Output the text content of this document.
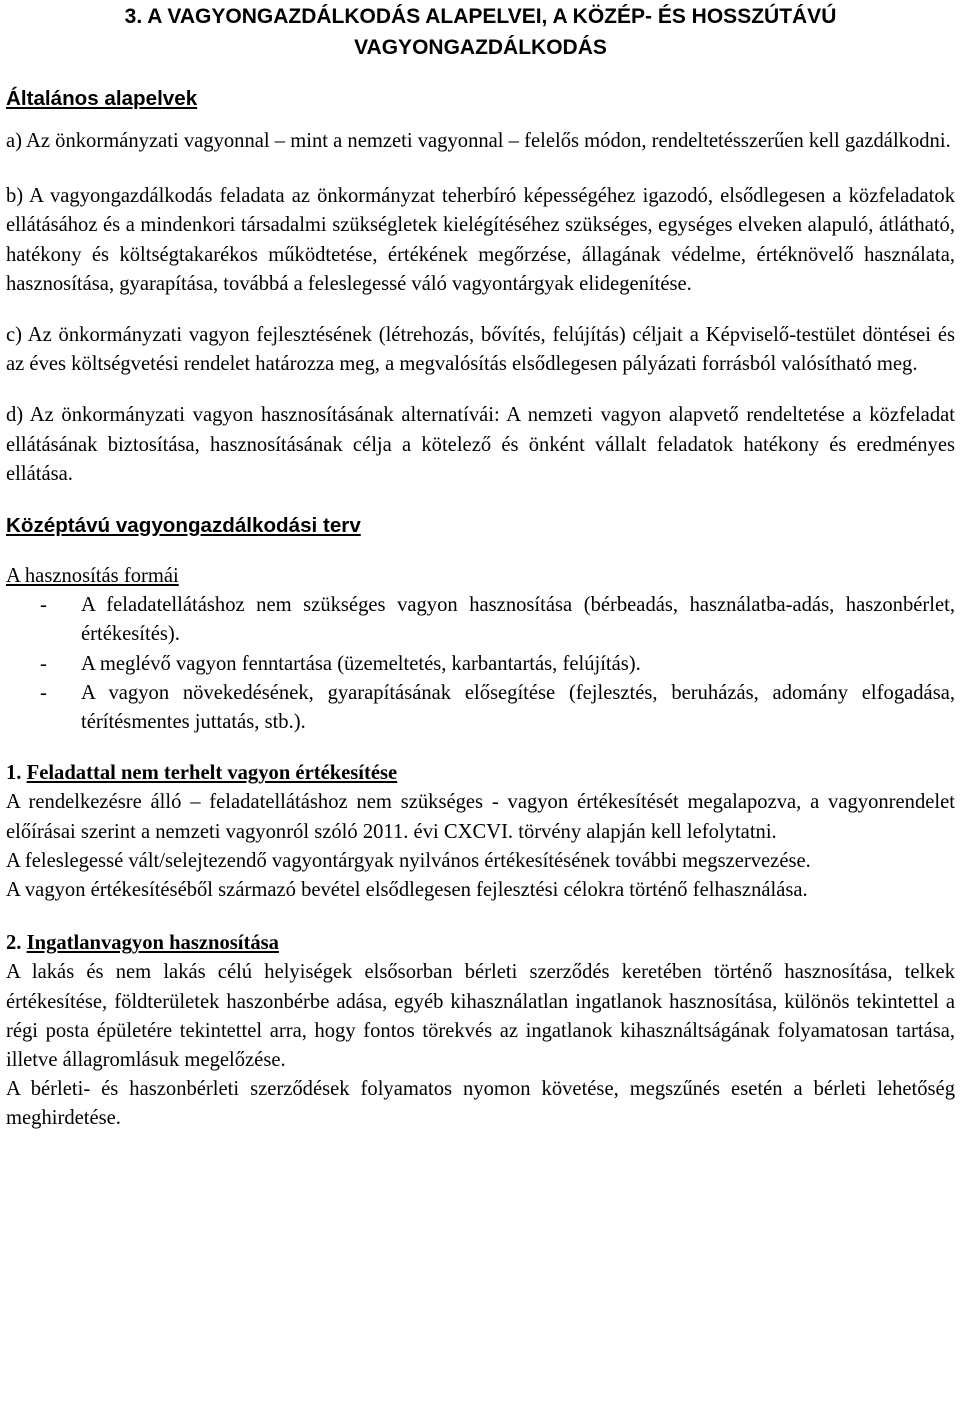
3. A VAGYONGAZDÁLKODÁS ALAPELVEI, A KÖZÉP- ÉS HOSSZÚTÁVÚ VAGYONGAZDÁLKODÁS
Általános alapelvek

a) Az önkormányzati vagyonnal – mint a nemzeti vagyonnal – felelős módon, rendeltetésszerűen kell gazdálkodni.

b) A vagyongazdálkodás feladata az önkormányzat teherbíró képességéhez igazodó, elsődlegesen a közfeladatok ellátásához és a mindenkori társadalmi szükségletek kielégítéséhez szükséges, egységes elveken alapuló, átlátható, hatékony és költségtakarékos működtetése, értékének megőrzése, állagának védelme, értéknövelő használata, hasznosítása, gyarapítása, továbbá a feleslegessé váló vagyontárgyak elidegenítése.

c) Az önkormányzati vagyon fejlesztésének (létrehozás, bővítés, felújítás) céljait a Képviselő-testület döntései és az éves költségvetési rendelet határozza meg, a megvalósítás elsődlegesen pályázati forrásból valósítható meg.

d) Az önkormányzati vagyon hasznosításának alternatívái: A nemzeti vagyon alapvető rendeltetése a közfeladat ellátásának biztosítása, hasznosításának célja a kötelező és önként vállalt feladatok hatékony és eredményes ellátása.

Középtávú vagyongazdálkodási terv

A hasznosítás formái

- A feladatellátáshoz nem szükséges vagyon hasznosítása (bérbeadás, használatba-adás, haszonbérlet, értékesítés).
- A meglévő vagyon fenntartása (üzemeltetés, karbantartás, felújítás).
- A vagyon növekedésének, gyarapításának elősegítése (fejlesztés, beruházás, adomány elfogadása, térítésmentes juttatás, stb.).

1. Feladattal nem terhelt vagyon értékesítése

A rendelkezésre álló – feladatellátáshoz nem szükséges - vagyon értékesítését megalapozva, a vagyonrendelet előírásai szerint a nemzeti vagyonról szóló 2011. évi CXCVI. törvény alapján kell lefolytatni.

A feleslegessé vált/selejtezendő vagyontárgyak nyilvános értékesítésének további megszervezése.

A vagyon értékesítéséből származó bevétel elsődlegesen fejlesztési célokra történő felhasználása.

2. Ingatlanvagyon hasznosítása

A lakás és nem lakás célú helyiségek elsősorban bérleti szerződés keretében történő hasznosítása, telkek értékesítése, földterületek haszonbérbe adása, egyéb kihasználatlan ingatlanok hasznosítása, különös tekintettel a régi posta épületére tekintettel arra, hogy fontos törekvés az ingatlanok kihasználtságának folyamatosan tartása, illetve állagromlásuk megelőzése.

A bérleti- és haszonbérleti szerződések folyamatos nyomon követése, megszűnés esetén a bérleti lehetőség meghirdetése.
